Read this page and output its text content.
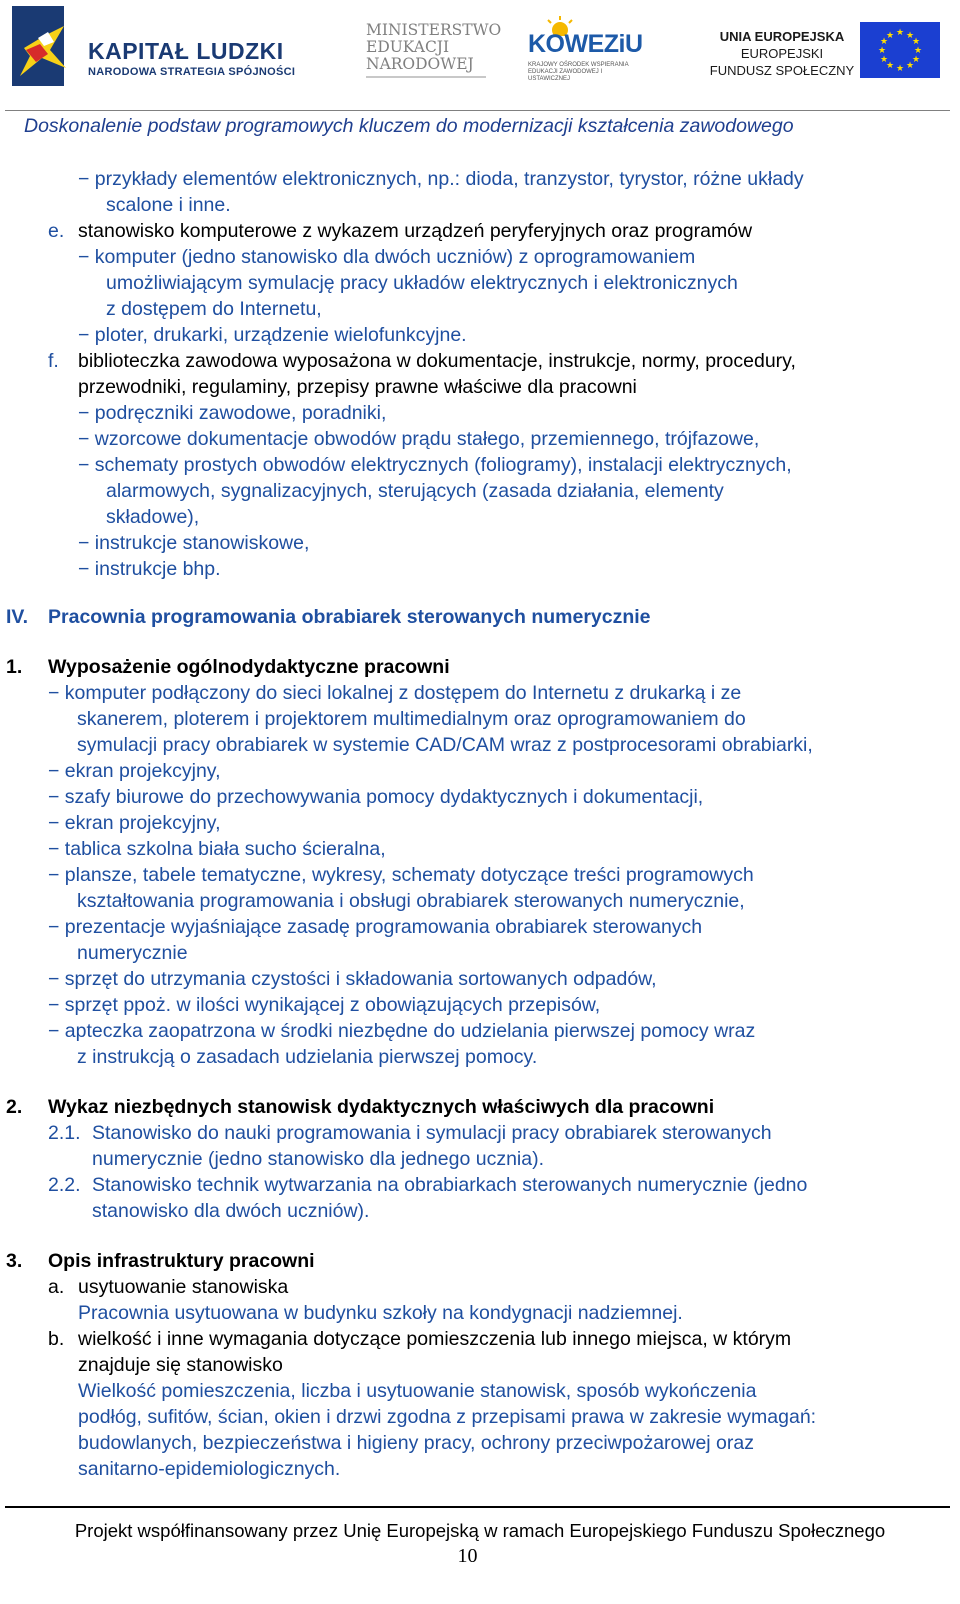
KAPITAŁ LUDZKI
NARODOWA STRATEGIA SPÓJNOŚCI
MINISTERSTWO
EDUKACJI
NARODOWEJ
KOWEZiU
KRAJOWY OŚRODEK WSPIERANIA EDUKACJI ZAWODOWEJ I USTAWICZNEJ
UNIA EUROPEJSKA
EUROPEJSKI
FUNDUSZ SPOŁECZNY
★ ★
★
★
★
★
★
★
★
★
★
★
Doskonalenie podstaw programowych kluczem do modernizacji kształcenia zawodowego
− przykłady elementów elektronicznych, np.: dioda, tranzystor, tyrystor, różne układy
scalone i inne.
e. stanowisko komputerowe z wykazem urządzeń peryferyjnych oraz programów
− komputer (jedno stanowisko dla dwóch uczniów) z oprogramowaniem
umożliwiającym symulację pracy układów elektrycznych i elektronicznych
z dostępem do Internetu,
− ploter, drukarki, urządzenie wielofunkcyjne.
f. biblioteczka zawodowa wyposażona w dokumentacje, instrukcje, normy, procedury,
przewodniki, regulaminy, przepisy prawne właściwe dla pracowni
− podręczniki zawodowe, poradniki,
− wzorcowe dokumentacje obwodów prądu stałego, przemiennego, trójfazowe,
− schematy prostych obwodów elektrycznych (foliogramy), instalacji elektrycznych,
alarmowych, sygnalizacyjnych, sterujących (zasada działania, elementy
składowe),
− instrukcje stanowiskowe,
− instrukcje bhp.
IV. Pracownia programowania obrabiarek sterowanych numerycznie
1. Wyposażenie ogólnodydaktyczne pracowni
− komputer podłączony do sieci lokalnej z dostępem do Internetu z drukarką i ze
skanerem, ploterem i projektorem multimedialnym oraz oprogramowaniem do
symulacji pracy obrabiarek w systemie CAD/CAM wraz z postprocesorami obrabiarki,
− ekran projekcyjny,
− szafy biurowe do przechowywania pomocy dydaktycznych i dokumentacji,
− ekran projekcyjny,
− tablica szkolna biała sucho ścieralna,
− plansze, tabele tematyczne, wykresy, schematy dotyczące treści programowych
kształtowania programowania i obsługi obrabiarek sterowanych numerycznie,
− prezentacje wyjaśniające zasadę programowania obrabiarek sterowanych
numerycznie
− sprzęt do utrzymania czystości i składowania sortowanych odpadów,
− sprzęt ppoż. w ilości wynikającej z obowiązujących przepisów,
− apteczka zaopatrzona w środki niezbędne do udzielania pierwszej pomocy wraz
z instrukcją o zasadach udzielania pierwszej pomocy.
2. Wykaz niezbędnych stanowisk dydaktycznych właściwych dla pracowni
2.1. Stanowisko do nauki programowania i symulacji pracy obrabiarek sterowanych
numerycznie (jedno stanowisko dla jednego ucznia).
2.2. Stanowisko technik wytwarzania na obrabiarkach sterowanych numerycznie (jedno
stanowisko dla dwóch uczniów).
3. Opis infrastruktury pracowni
a. usytuowanie stanowiska
Pracownia usytuowana w budynku szkoły na kondygnacji nadziemnej.
b. wielkość i inne wymagania dotyczące pomieszczenia lub innego miejsca, w którym
znajduje się stanowisko
Wielkość pomieszczenia, liczba i usytuowanie stanowisk, sposób wykończenia
podłóg, sufitów, ścian, okien i drzwi zgodna z przepisami prawa w zakresie wymagań:
budowlanych, bezpieczeństwa i higieny pracy, ochrony przeciwpożarowej oraz
sanitarno-epidemiologicznych.
Projekt współfinansowany przez Unię Europejską w ramach Europejskiego Funduszu Społecznego
10
